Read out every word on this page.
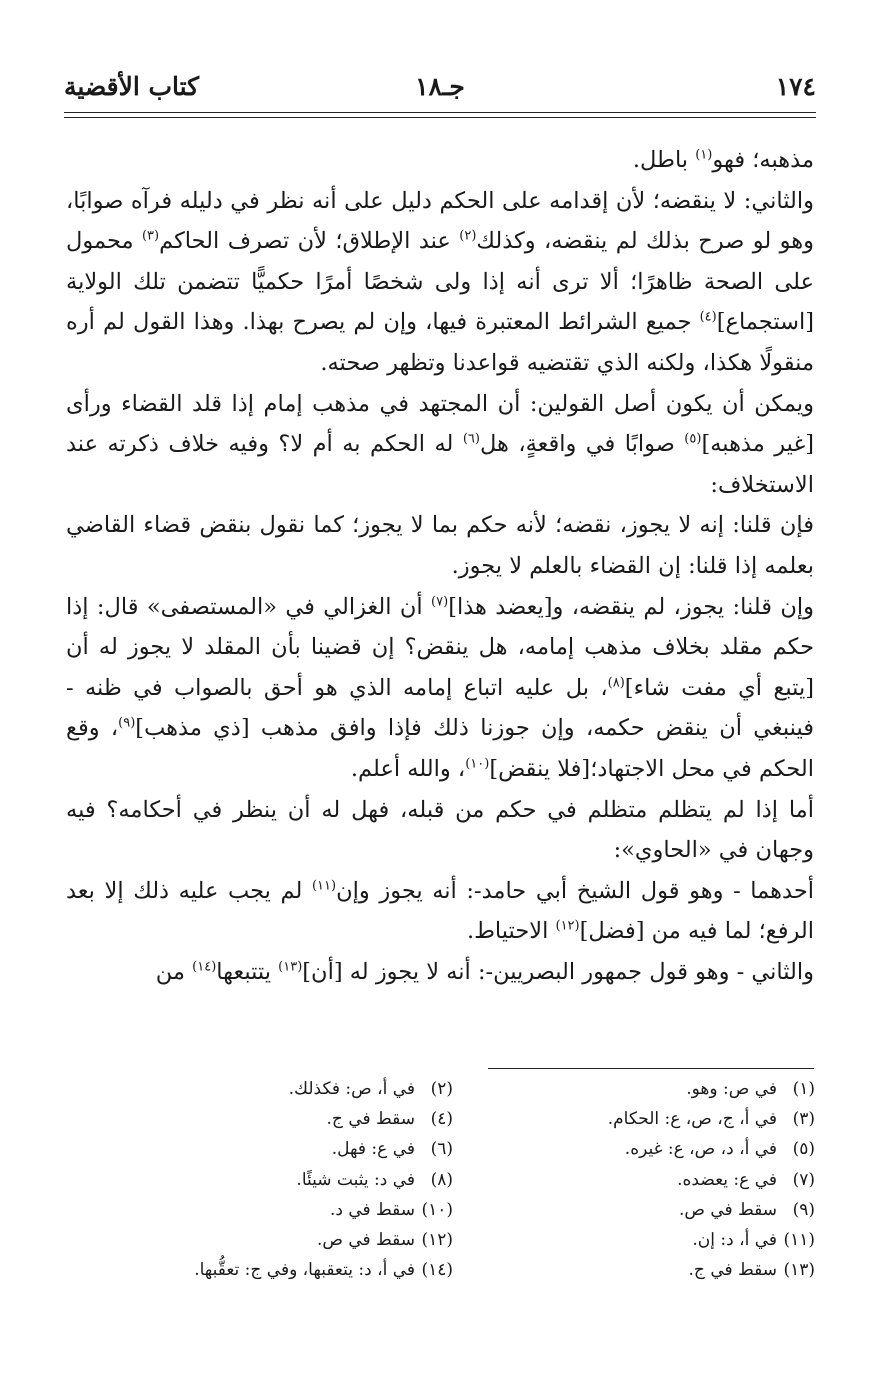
١٧٤
جـ١٨
كتاب الأقضية

مذهبه؛ فهو$^{(١)}$ باطل.

والثاني: لا ينقضه؛ لأن إقدامه على الحكم دليل على أنه نظر في دليله فرآه صوابًا، وهو لو صرح بذلك لم ينقضه، وكذلك$^{(٢)}$ عند الإطلاق؛ لأن تصرف الحاكم$^{(٣)}$ محمول على الصحة ظاهرًا؛ ألا ترى أنه إذا ولى شخصًا أمرًا حكميًّا تتضمن تلك الولاية [استجماع]$^{(٤)}$ جميع الشرائط المعتبرة فيها، وإن لم يصرح بهذا. وهذا القول لم أره منقولًا هكذا، ولكنه الذي تقتضيه قواعدنا وتظهر صحته.

ويمكن أن يكون أصل القولين: أن المجتهد في مذهب إمام إذا قلد القضاء ورأى [غير مذهبه]$^{(٥)}$ صوابًا في واقعةٍ، هل$^{(٦)}$ له الحكم به أم لا؟ وفيه خلاف ذكرته عند الاستخلاف:

فإن قلنا: إنه لا يجوز، نقضه؛ لأنه حكم بما لا يجوز؛ كما نقول بنقض قضاء القاضي بعلمه إذا قلنا: إن القضاء بالعلم لا يجوز.

وإن قلنا: يجوز، لم ينقضه، و[يعضد هذا]$^{(٧)}$ أن الغزالي في «المستصفى» قال: إذا حكم مقلد بخلاف مذهب إمامه، هل ينقض؟ إن قضينا بأن المقلد لا يجوز له أن [يتبع أي مفت شاء]$^{(٨)}$، بل عليه اتباع إمامه الذي هو أحق بالصواب في ظنه - فينبغي أن ينقض حكمه، وإن جوزنا ذلك فإذا وافق مذهب [ذي مذهب]$^{(٩)}$، وقع الحكم في محل الاجتهاد؛[فلا ينقض]$^{(١٠)}$، والله أعلم.

أما إذا لم يتظلم متظلم في حكم من قبله، فهل له أن ينظر في أحكامه؟ فيه وجهان في «الحاوي»:

أحدهما - وهو قول الشيخ أبي حامد-: أنه يجوز وإن$^{(١١)}$ لم يجب عليه ذلك إلا بعد الرفع؛ لما فيه من [فضل]$^{(١٢)}$ الاحتياط.

والثاني - وهو قول جمهور البصريين-: أنه لا يجوز له [أن]$^{(١٣)}$ يتتبعها$^{(١٤)}$ من

(١)في ص: وهو.

(٣)في أ، ج، ص، ع: الحكام.

(٥)في أ، د، ص، ع: غيره.

(٧)في ع: يعضده.

(٩)سقط في ص.

(١١)في أ، د: إن.

(١٣)سقط في ج.

(٢)في أ، ص: فكذلك.

(٤)سقط في ج.

(٦)في ع: فهل.

(٨)في د: يثبت شيئًا.

(١٠)سقط في د.

(١٢)سقط في ص.

(١٤)في أ، د: يتعقبها، وفي ج: تعقُّبها.
